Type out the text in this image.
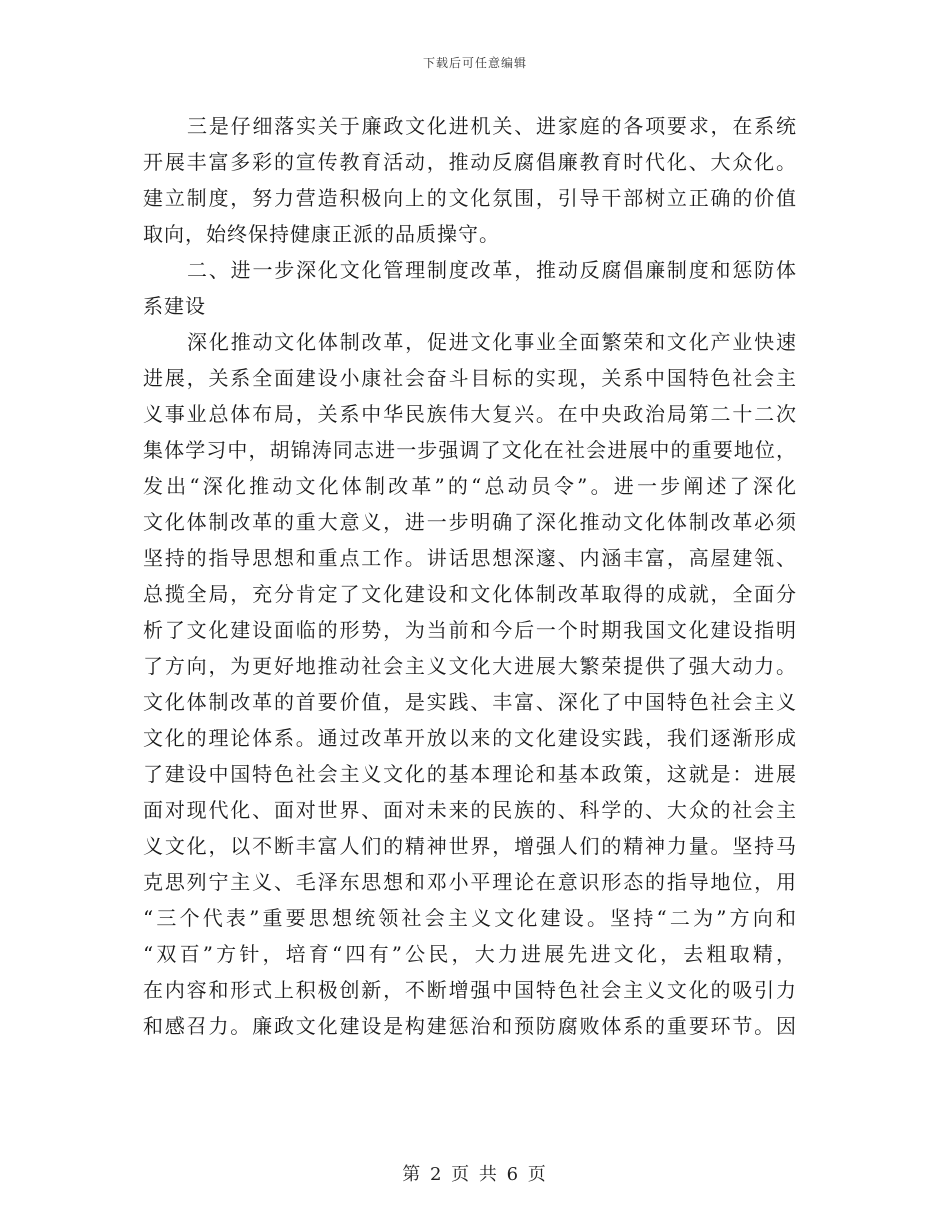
下载后可任意编辑
三是仔细落实关于廉政文化进机关、进家庭的各项要求，在系统
开展丰富多彩的宣传教育活动，推动反腐倡廉教育时代化、大众化。
建立制度，努力营造积极向上的文化氛围，引导干部树立正确的价值
取向，始终保持健康正派的品质操守。
二、进一步深化文化管理制度改革，推动反腐倡廉制度和惩防体
系建设
深化推动文化体制改革，促进文化事业全面繁荣和文化产业快速
进展，关系全面建设小康社会奋斗目标的实现，关系中国特色社会主
义事业总体布局，关系中华民族伟大复兴。在中央政治局第二十二次
集体学习中，胡锦涛同志进一步强调了文化在社会进展中的重要地位，
发出“深化推动文化体制改革”的“总动员令”。进一步阐述了深化
文化体制改革的重大意义，进一步明确了深化推动文化体制改革必须
坚持的指导思想和重点工作。讲话思想深邃、内涵丰富，高屋建瓴、
总揽全局，充分肯定了文化建设和文化体制改革取得的成就，全面分
析了文化建设面临的形势，为当前和今后一个时期我国文化建设指明
了方向，为更好地推动社会主义文化大进展大繁荣提供了强大动力。
文化体制改革的首要价值，是实践、丰富、深化了中国特色社会主义
文化的理论体系。通过改革开放以来的文化建设实践，我们逐渐形成
了建设中国特色社会主义文化的基本理论和基本政策，这就是：进展
面对现代化、面对世界、面对未来的民族的、科学的、大众的社会主
义文化，以不断丰富人们的精神世界，增强人们的精神力量。坚持马
克思列宁主义、毛泽东思想和邓小平理论在意识形态的指导地位，用
“三个代表”重要思想统领社会主义文化建设。坚持“二为”方向和
“双百”方针，培育“四有”公民，大力进展先进文化，去粗取精，
在内容和形式上积极创新，不断增强中国特色社会主义文化的吸引力
和感召力。廉政文化建设是构建惩治和预防腐败体系的重要环节。因
第 2 页 共 6 页
